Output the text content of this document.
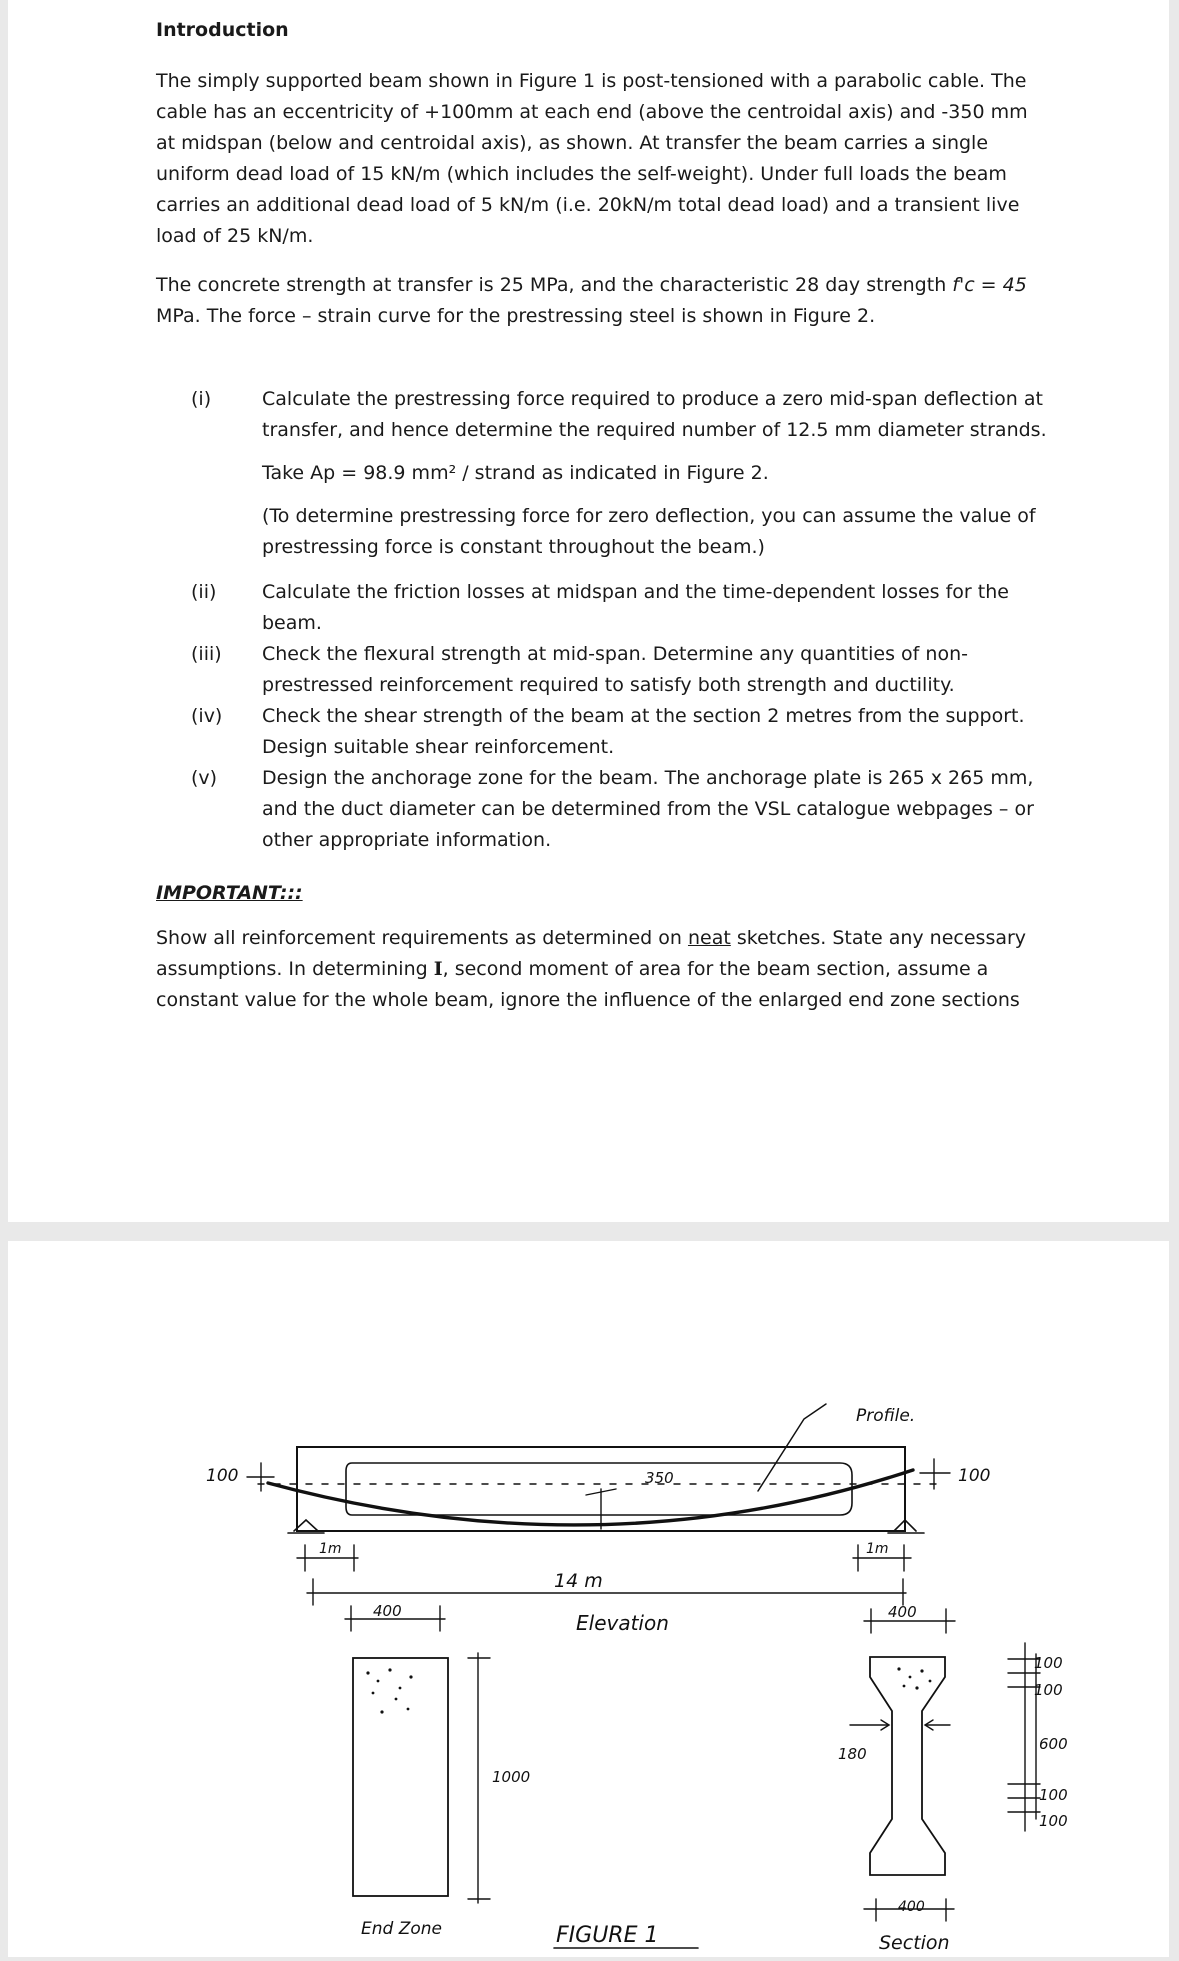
Introduction

The simply supported beam shown in Figure 1 is post-tensioned with a parabolic cable. The cable has an eccentricity of +100mm at each end (above the centroidal axis) and -350 mm at midspan (below and centroidal axis), as shown. At transfer the beam carries a single uniform dead load of 15 kN/m (which includes the self-weight). Under full loads the beam carries an additional dead load of 5 kN/m (i.e. 20kN/m total dead load) and a transient live load of 25 kN/m.

The concrete strength at transfer is 25 MPa, and the characteristic 28 day strength f'c = 45 MPa. The force – strain curve for the prestressing steel is shown in Figure 2.

(i)	Calculate the prestressing force required to produce a zero mid-span deflection at transfer, and hence determine the required number of 12.5 mm diameter strands.
Take Ap = 98.9 mm² / strand as indicated in Figure 2.
(To determine prestressing force for zero deflection, you can assume the value of prestressing force is constant throughout the beam.)
(ii) Calculate the friction losses at midspan and the time-dependent losses for the beam.
(iii) Check the flexural strength at mid-span. Determine any quantities of non-prestressed reinforcement required to satisfy both strength and ductility.
(iv) Check the shear strength of the beam at the section 2 metres from the support. Design suitable shear reinforcement.
(v) Design the anchorage zone for the beam. The anchorage plate is 265 x 265 mm, and the duct diameter can be determined from the VSL catalogue webpages – or other appropriate information.
IMPORTANT:::

Show all reinforcement requirements as determined on neat sketches. State any necessary assumptions. In determining I, second moment of area for the beam section, assume a constant value for the whole beam, ignore the influence of the enlarged end zone sections

Profile.
100	100
350
1m	1m
14 m
Elevation
400
1000
End Zone
400
180
400
100
100
600
100
100
Section
FIGURE 1
